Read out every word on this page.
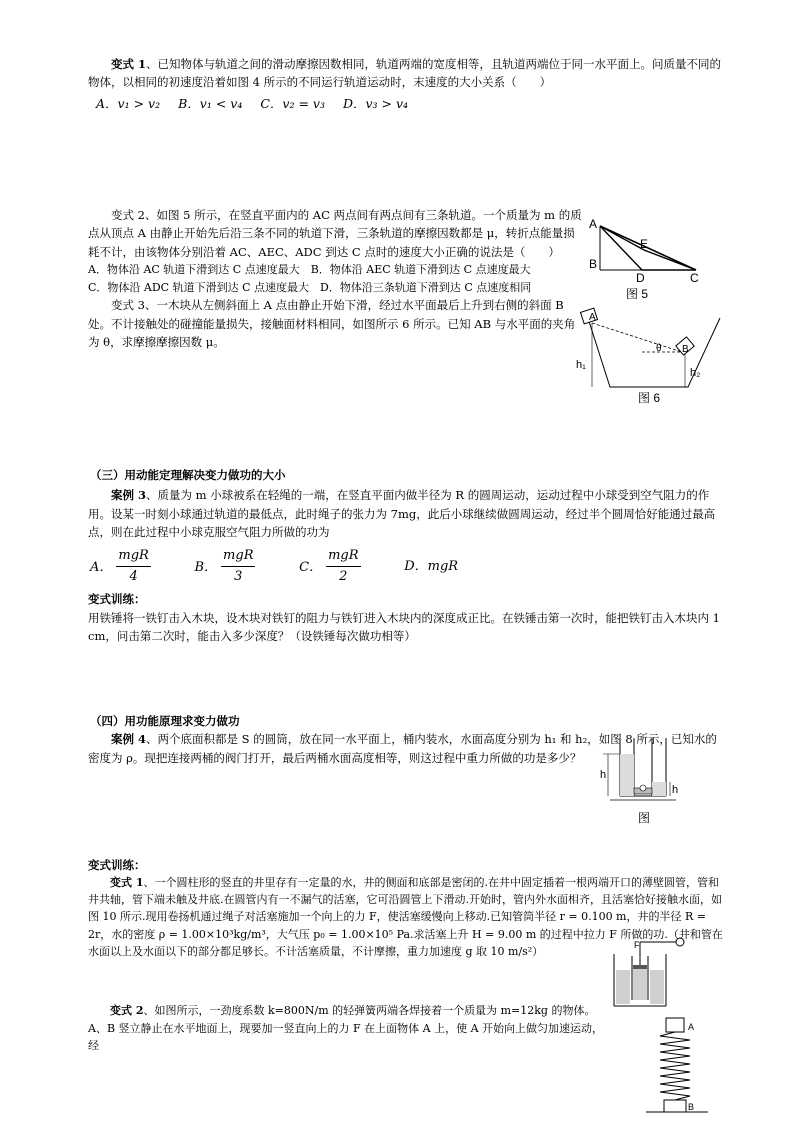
变式 1、已知物体与轨道之间的滑动摩擦因数相同，轨道两端的宽度相等，且轨道两端位于同一水平面上。问质量不同的物体，以相同的初速度沿着如图 4 所示的不同运行轨道运动时，末速度的大小关系（　　）

A．v₁ > v₂ B．v₁ < v₄ C．v₂ = v₃ D．v₃ > v₄

变式 2、如图 5 所示，在竖直平面内的 AC 两点间有两点间有三条轨道。一个质量为 m 的质点从顶点 A 由静止开始先后沿三条不同的轨道下滑，三条轨道的摩擦因数都是 μ，转折点能量损耗不计，由该物体分别沿着 AC、AEC、ADC 到达 C 点时的速度大小正确的说法是（　　）

A．物体沿 AC 轨道下滑到达 C 点速度最大　B．物体沿 AEC 轨道下滑到达 C 点速度最大

C．物体沿 ADC 轨道下滑到达 C 点速度最大　D．物体沿三条轨道下滑到达 C 点速度相同

变式 3、一木块从左侧斜面上 A 点由静止开始下滑，经过水平面最后上升到右侧的斜面 B 处。不计接触处的碰撞能量损失，接触面材料相同，如图所示 6 所示。已知 AB 与水平面的夹角为 θ，求摩擦摩擦因数 μ。

A
E
B
D	C
图 5
A
B
θ
h₁
h₂
图 6

（三）用动能定理解决变力做功的大小

案例 3、质量为 m 小球被系在轻绳的一端，在竖直平面内做半径为 R 的圆周运动，运动过程中小球受到空气阻力的作用。设某一时刻小球通过轨道的最低点，此时绳子的张力为 7mg，此后小球继续做圆周运动，经过半个圆周恰好能通过最高点，则在此过程中小球克服空气阻力所做的功为

A． $\frac{\text{mgR}}{4}$	B． $\frac{\text{mgR}}{3}$	C． $\frac{\text{mgR}}{2}$	D．mgR

变式训练：

用铁锤将一铁钉击入木块，设木块对铁钉的阻力与铁钉进入木块内的深度成正比。在铁锤击第一次时，能把铁钉击入木块内 1 cm，问击第二次时，能击入多少深度？（设铁锤每次做功相等）

（四）用功能原理求变力做功

案例 4、两个底面积都是 S 的圆筒，放在同一水平面上，桶内装水，水面高度分别为 h₁ 和 h₂，如图 8 所示，已知水的密度为 ρ。现把连接两桶的阀门打开，最后两桶水面高度相等，则这过程中重力所做的功是多少？

h
h
图

变式训练：

变式 1、一个圆柱形的竖直的井里存有一定量的水，井的侧面和底部是密闭的.在井中固定插着一根两端开口的薄壁圆管，管和井共轴，管下端未触及井底.在圆管内有一不漏气的活塞，它可沿圆管上下滑动.开始时，管内外水面相齐，且活塞恰好接触水面，如图 10 所示.现用卷扬机通过绳子对活塞施加一个向上的力 F，使活塞缓慢向上移动.已知管筒半径 r = 0.100 m，井的半径 R = 2r，水的密度 ρ = 1.00×10³kg/m³，大气压 p₀ = 1.00×10⁵ Pa.求活塞上升 H = 9.00 m 的过程中拉力 F 所做的功.（井和管在水面以上及水面以下的部分都足够长。不计活塞质量，不计摩擦，重力加速度 g 取 10 m/s²）	F

变式 2、如图所示，一劲度系数 k=800N/m 的轻弹簧两端各焊接着一个质量为 m=12kg 的物体。A、B 竖立静止在水平地面上，现要加一竖直向上的力 F 在上面物体 A 上，使 A 开始向上做匀加速运动，经

A
B
